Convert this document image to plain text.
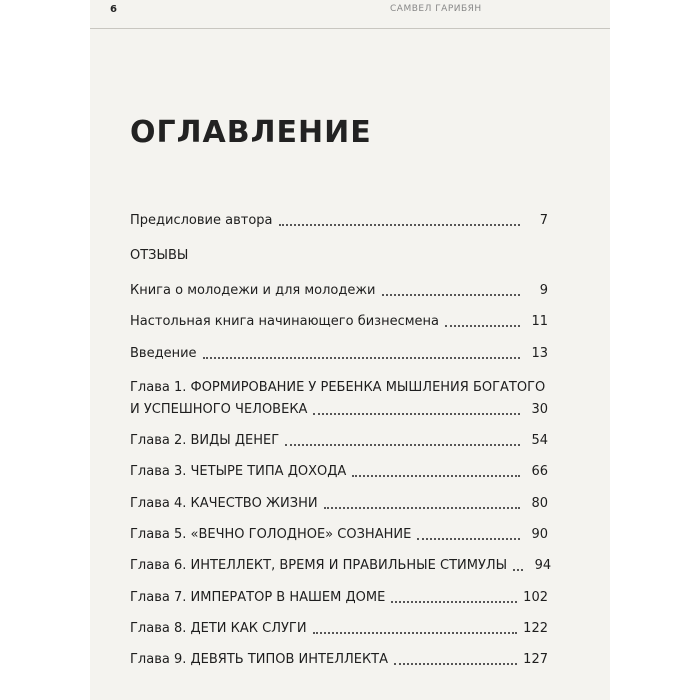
6	САМВЕЛ ГАРИБЯН
ОГЛАВЛЕНИЕ
Предисловие автора	7
ОТЗЫВЫ
Книга о молодежи и для молодежи	9
Настольная книга начинающего бизнесмена	11
Введение	13
Глава 1. ФОРМИРОВАНИЕ У РЕБЕНКА МЫШЛЕНИЯ БОГАТОГО
И УСПЕШНОГО ЧЕЛОВЕКА	30
Глава 2. ВИДЫ ДЕНЕГ	54
Глава 3. ЧЕТЫРЕ ТИПА ДОХОДА	66
Глава 4. КАЧЕСТВО ЖИЗНИ	80
Глава 5. «ВЕЧНО ГОЛОДНОЕ» СОЗНАНИЕ	90
Глава 6. ИНТЕЛЛЕКТ, ВРЕМЯ И ПРАВИЛЬНЫЕ СТИМУЛЫ	94
Глава 7. ИМПЕРАТОР В НАШЕМ ДОМЕ	102
Глава 8. ДЕТИ КАК СЛУГИ	122
Глава 9. ДЕВЯТЬ ТИПОВ ИНТЕЛЛЕКТА	127
